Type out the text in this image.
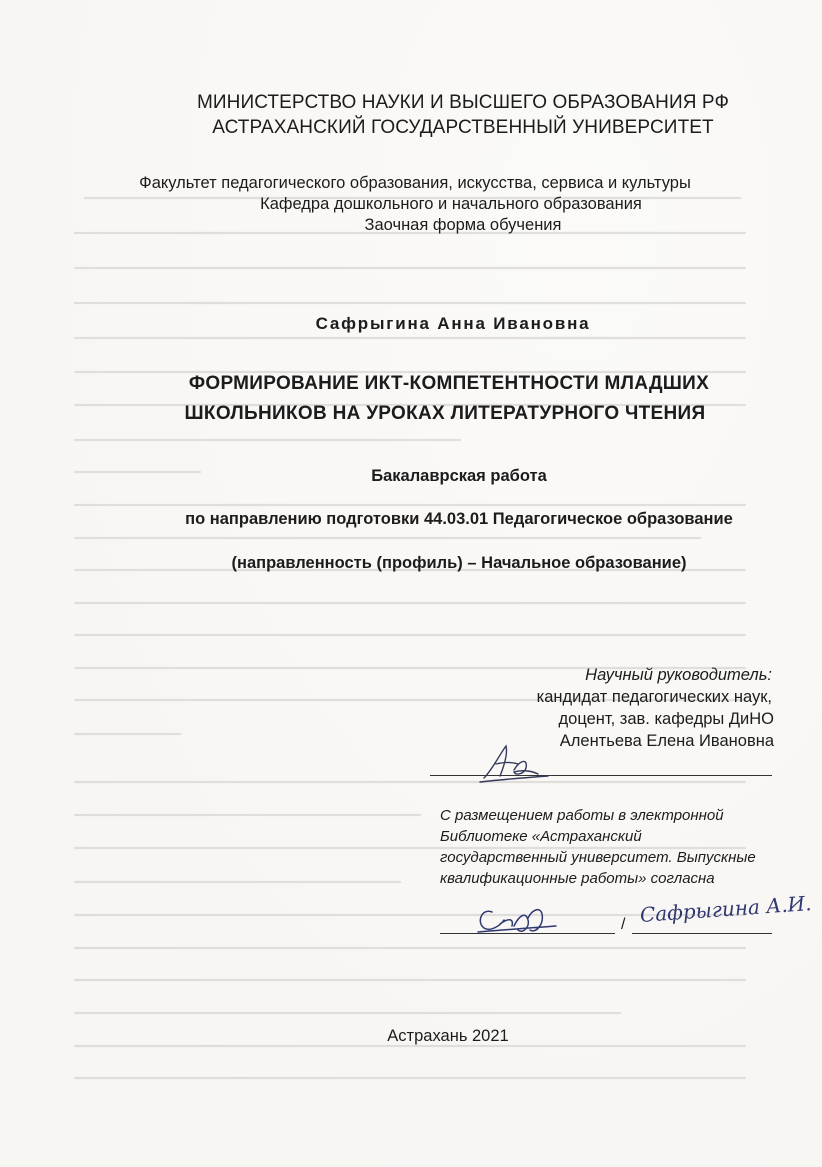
МИНИСТЕРСТВО НАУКИ И ВЫСШЕГО ОБРАЗОВАНИЯ РФ
АСТРАХАНСКИЙ ГОСУДАРСТВЕННЫЙ УНИВЕРСИТЕТ
Факультет педагогического образования, искусства, сервиса и культуры
Кафедра дошкольного и начального образования
Заочная форма обучения
Сафрыгина Анна Ивановна
ФОРМИРОВАНИЕ ИКТ-КОМПЕТЕНТНОСТИ МЛАДШИХ
ШКОЛЬНИКОВ НА УРОКАХ ЛИТЕРАТУРНОГО ЧТЕНИЯ
Бакалаврская работа
по направлению подготовки 44.03.01 Педагогическое образование
(направленность (профиль) – Начальное образование)
Научный руководитель:
кандидат педагогических наук,
доцент, зав. кафедры ДиНО
Алентьева Елена Ивановна
С размещением работы в электронной
Библиотеке «Астраханский
государственный университет. Выпускные
квалификационные работы» согласна
/ Сафрыгина А.И.
Астрахань 2021
